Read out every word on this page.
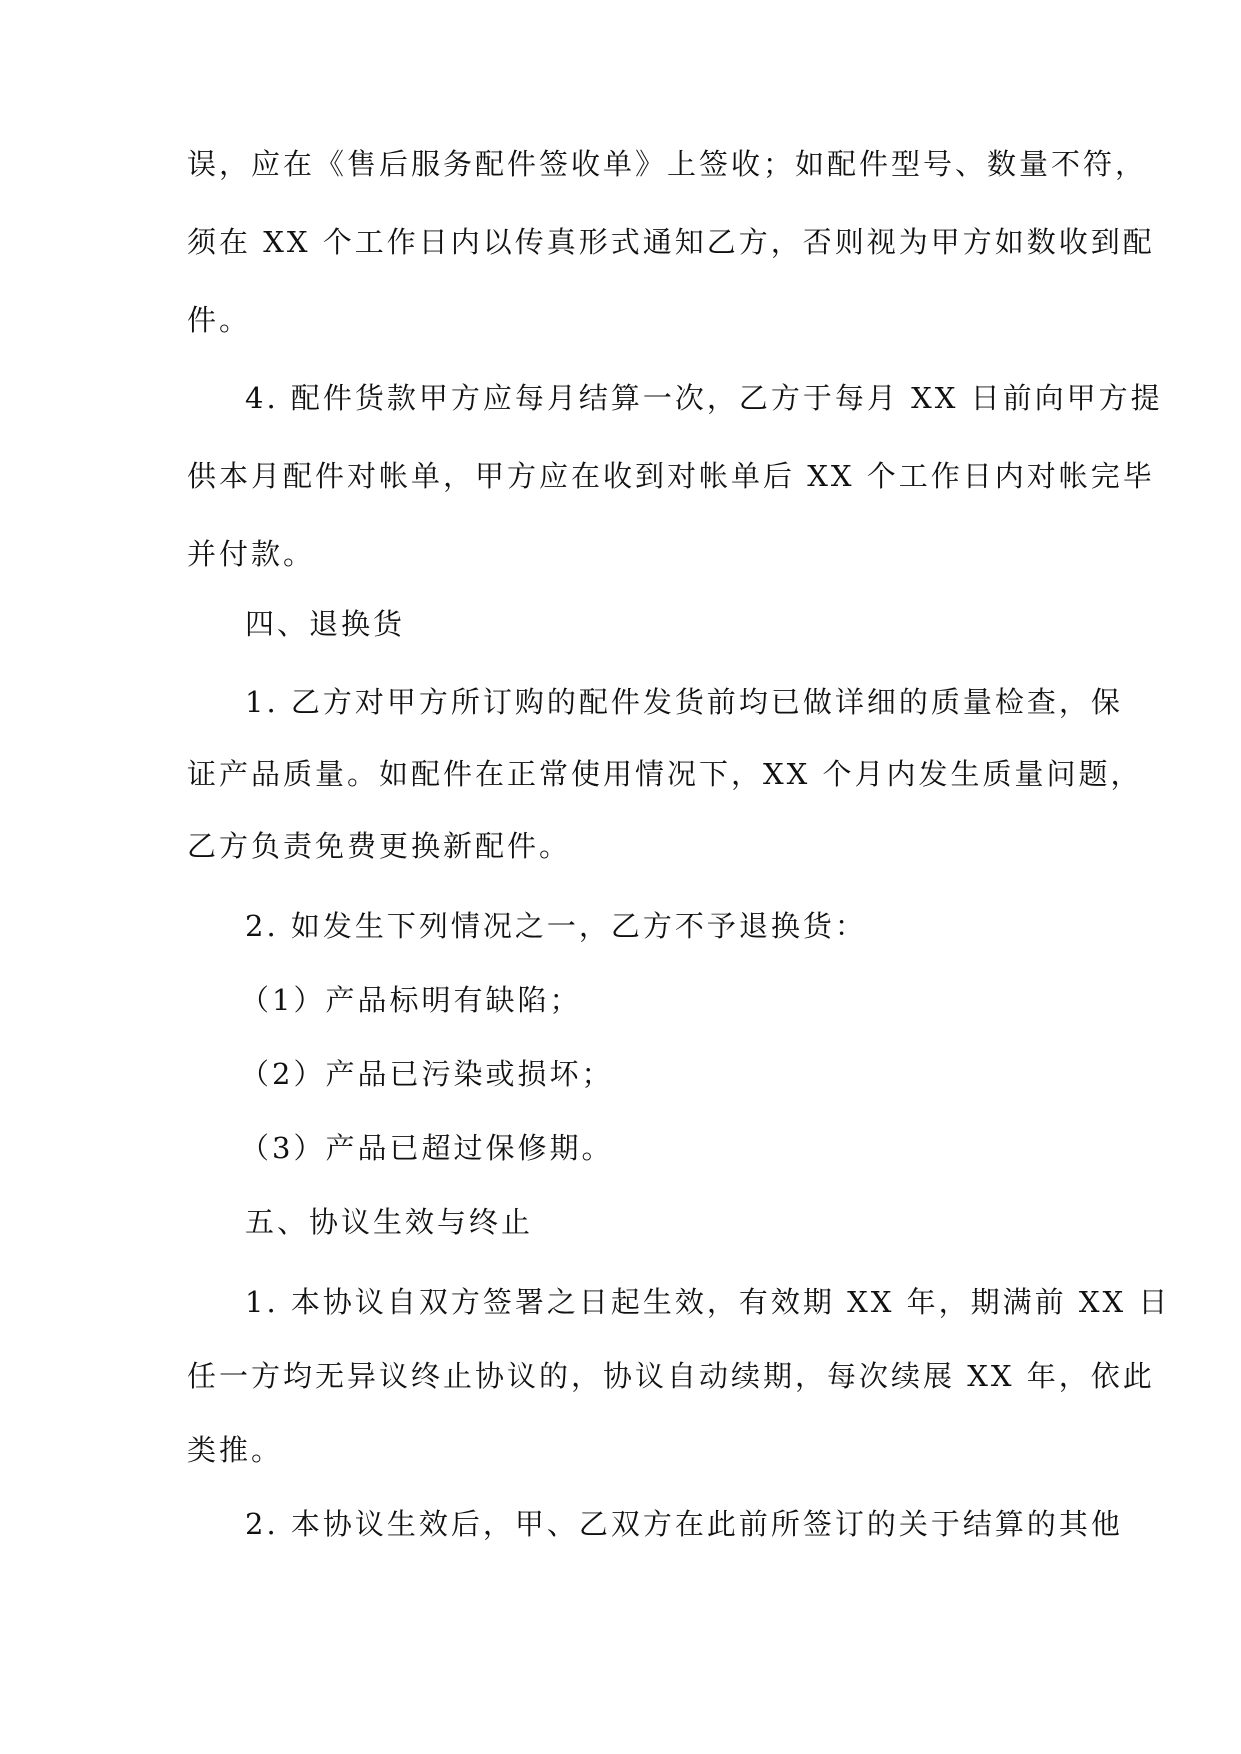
误，应在《售后服务配件签收单》上签收；如配件型号、数量不符，

须在 XX 个工作日内以传真形式通知乙方，否则视为甲方如数收到配

件。

4. 配件货款甲方应每月结算一次，乙方于每月 XX 日前向甲方提

供本月配件对帐单，甲方应在收到对帐单后 XX 个工作日内对帐完毕

并付款。

四、退换货

1. 乙方对甲方所订购的配件发货前均已做详细的质量检查，保

证产品质量。如配件在正常使用情况下，XX 个月内发生质量问题，

乙方负责免费更换新配件。

2. 如发生下列情况之一，乙方不予退换货：

（1）产品标明有缺陷；

（2）产品已污染或损坏；

（3）产品已超过保修期。

五、协议生效与终止

1. 本协议自双方签署之日起生效，有效期 XX 年，期满前 XX 日

任一方均无异议终止协议的，协议自动续期，每次续展 XX 年，依此

类推。

2. 本协议生效后，甲、乙双方在此前所签订的关于结算的其他
